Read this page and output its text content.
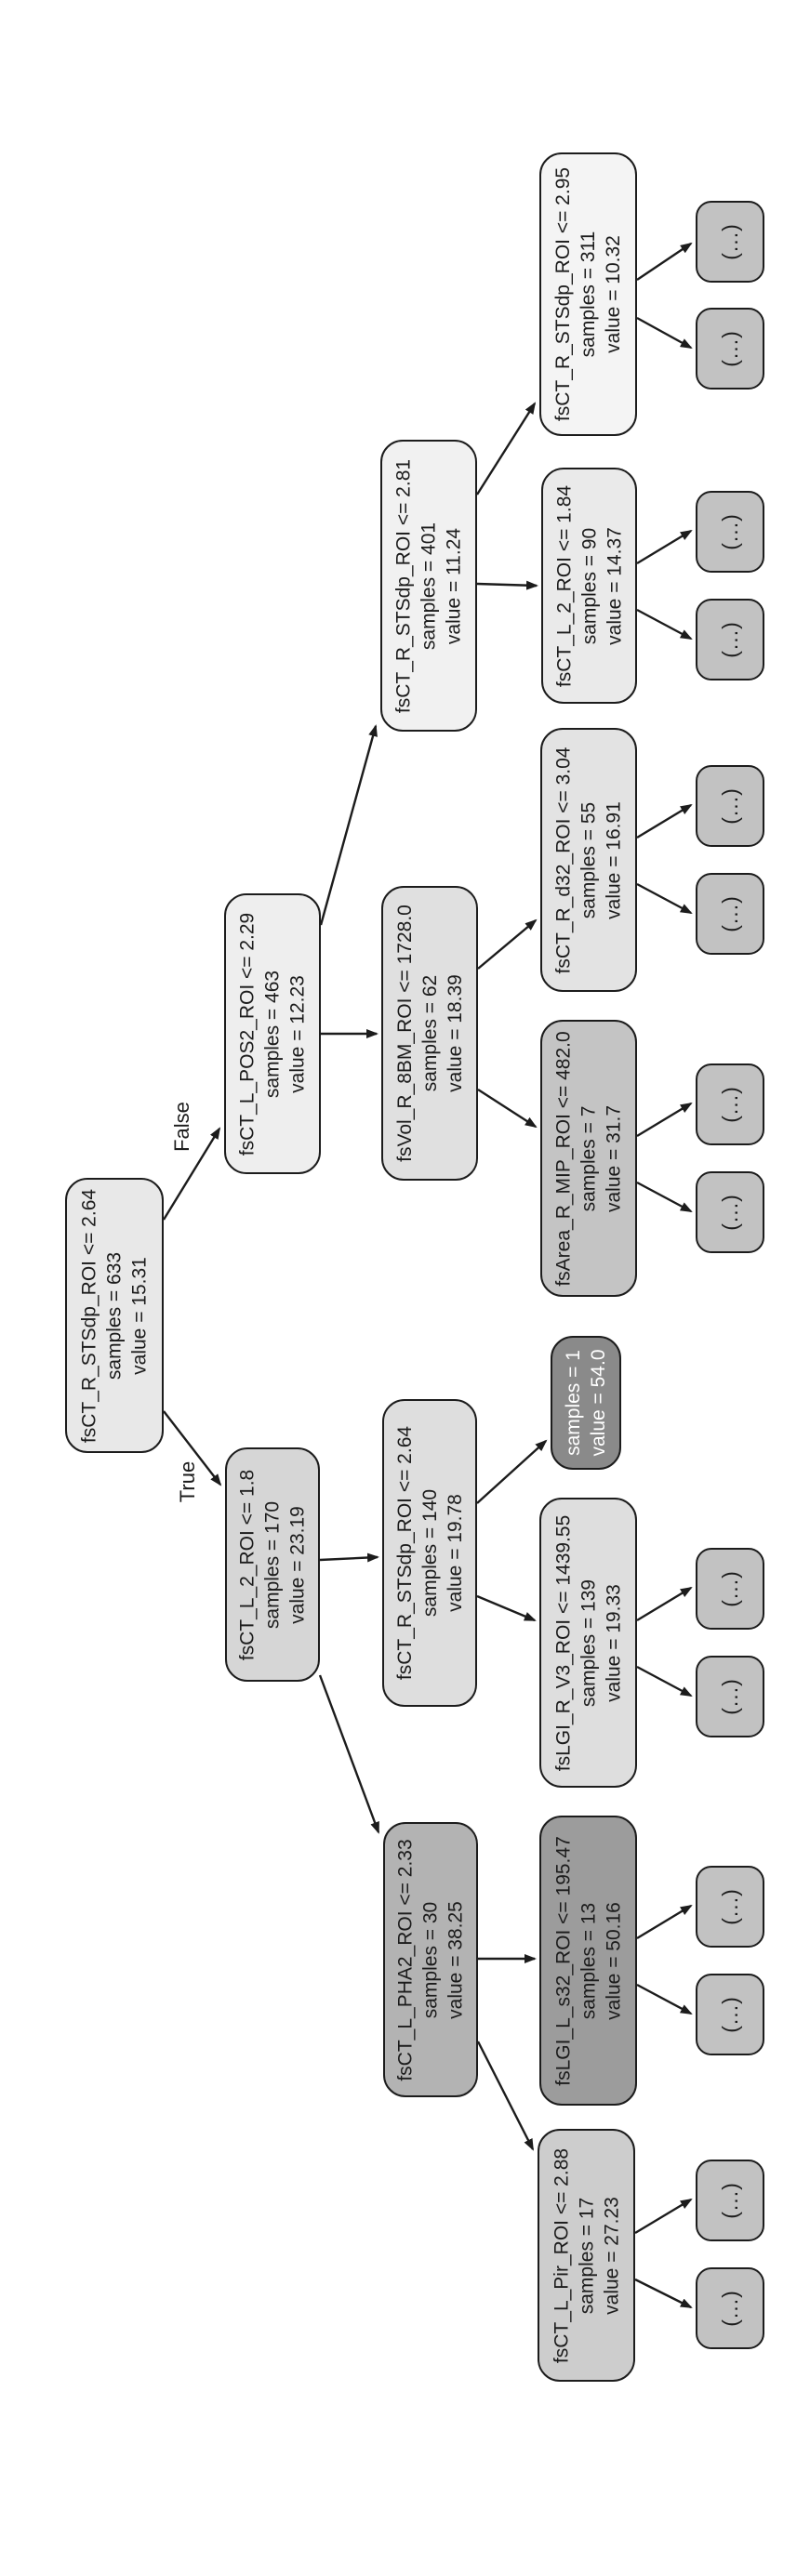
False
True
fsCT_R_STSdp_ROI <= 2.64 samples = 633 value = 15.31
fsCT_L_POS2_ROI <= 2.29 samples = 463 value = 12.23
fsCT_L_2_ROI <= 1.8 samples = 170 value = 23.19
fsCT_R_STSdp_ROI <= 2.81 samples = 401 value = 11.24
fsVol_R_8BM_ROI <= 1728.0 samples = 62 value = 18.39
fsCT_R_STSdp_ROI <= 2.64 samples = 140 value = 19.78
fsCT_L_PHA2_ROI <= 2.33 samples = 30 value = 38.25
fsCT_R_STSdp_ROI <= 2.95 samples = 311 value = 10.32
fsCT_L_2_ROI <= 1.84 samples = 90 value = 14.37
fsCT_R_d32_ROI <= 3.04 samples = 55 value = 16.91
fsArea_R_MIP_ROI <= 482.0 samples = 7 value = 31.7
samples = 1 value = 54.0
fsLGI_R_V3_ROI <= 1439.55 samples = 139 value = 19.33
fsLGI_L_s32_ROI <= 195.47 samples = 13 value = 50.16
fsCT_L_Pir_ROI <= 2.88 samples = 17 value = 27.23
(...)
(...)
(...)
(...)
(...)
(...)
(...)
(...)
(...)
(...)
(...)
(...)
(...)
(...)
